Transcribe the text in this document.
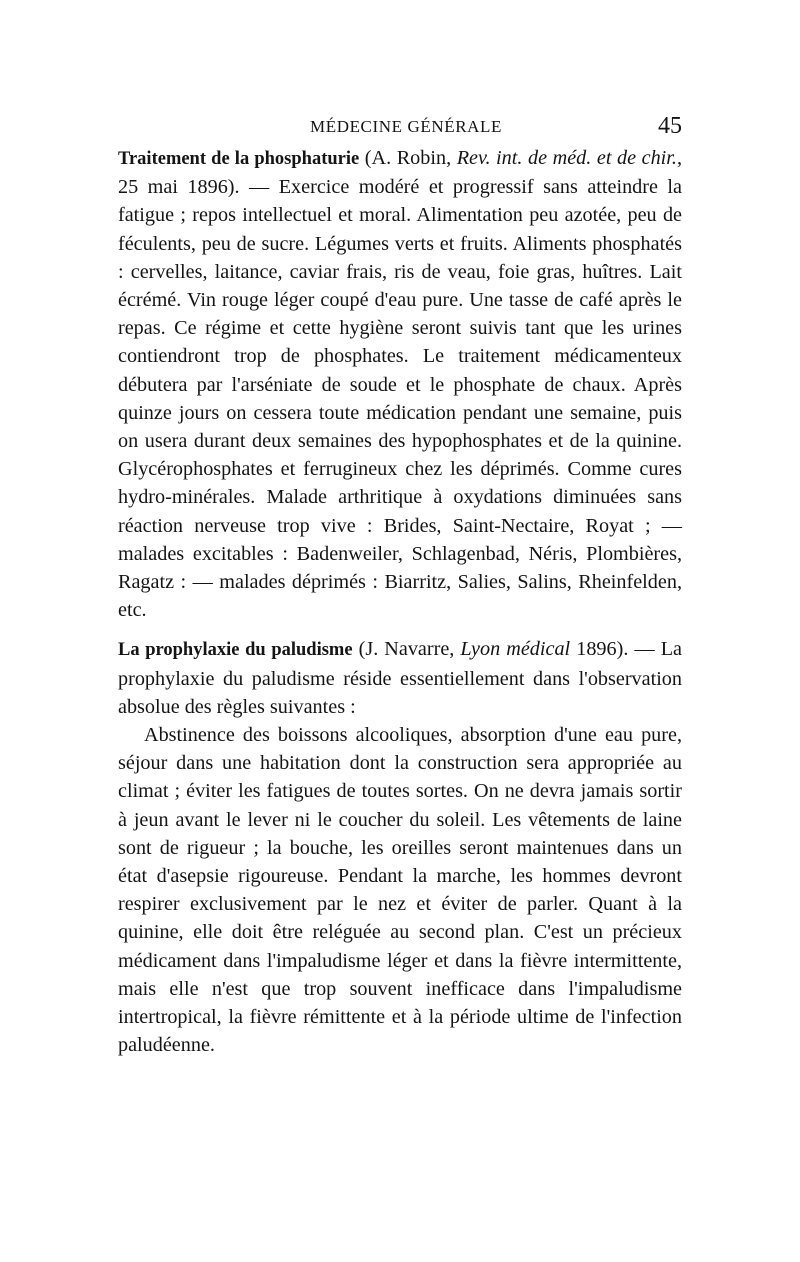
MÉDECINE GÉNÉRALE	45

Traitement de la phosphaturie (A. Robin, Rev. int. de méd. et de chir., 25 mai 1896). — Exercice modéré et progressif sans atteindre la fatigue ; repos intellectuel et moral. Alimentation peu azotée, peu de féculents, peu de sucre. Légumes verts et fruits. Aliments phosphatés : cervelles, laitance, caviar frais, ris de veau, foie gras, huîtres. Lait écrémé. Vin rouge léger coupé d'eau pure. Une tasse de café après le repas. Ce régime et cette hygiène seront suivis tant que les urines contiendront trop de phosphates. Le traitement médicamenteux débutera par l'arséniate de soude et le phosphate de chaux. Après quinze jours on cessera toute médication pendant une semaine, puis on usera durant deux semaines des hypophosphates et de la quinine. Glycérophosphates et ferrugineux chez les déprimés. Comme cures hydro-minérales. Malade arthritique à oxydations diminuées sans réaction nerveuse trop vive : Brides, Saint-Nectaire, Royat ; — malades excitables : Badenweiler, Schlagenbad, Néris, Plombières, Ragatz : — malades déprimés : Biarritz, Salies, Salins, Rheinfelden, etc.

La prophylaxie du paludisme (J. Navarre, Lyon médical 1896). — La prophylaxie du paludisme réside essentiellement dans l'observation absolue des règles suivantes :

Abstinence des boissons alcooliques, absorption d'une eau pure, séjour dans une habitation dont la construction sera appropriée au climat ; éviter les fatigues de toutes sortes. On ne devra jamais sortir à jeun avant le lever ni le coucher du soleil. Les vêtements de laine sont de rigueur ; la bouche, les oreilles seront maintenues dans un état d'asepsie rigoureuse. Pendant la marche, les hommes devront respirer exclusivement par le nez et éviter de parler. Quant à la quinine, elle doit être reléguée au second plan. C'est un précieux médicament dans l'impaludisme léger et dans la fièvre intermittente, mais elle n'est que trop souvent inefficace dans l'impaludisme intertropical, la fièvre rémittente et à la période ultime de l'infection paludéenne.
